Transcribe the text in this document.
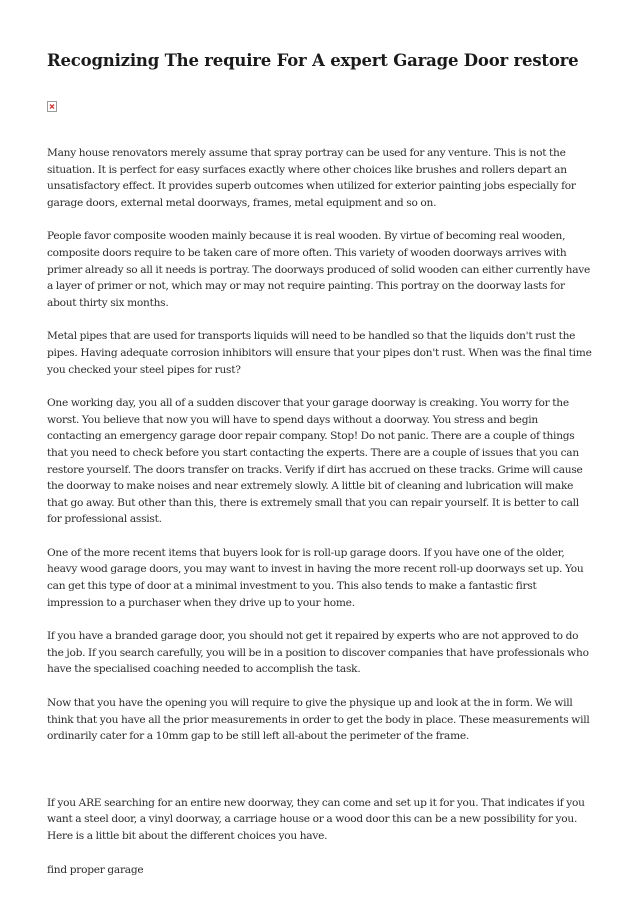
Recognizing The require For A expert Garage Door restore

Many house renovators merely assume that spray portray can be used for any venture. This is not the situation. It is perfect for easy surfaces exactly where other choices like brushes and rollers depart an unsatisfactory effect. It provides superb outcomes when utilized for exterior painting jobs especially for garage doors, external metal doorways, frames, metal equipment and so on.

People favor composite wooden mainly because it is real wooden. By virtue of becoming real wooden, composite doors require to be taken care of more often. This variety of wooden doorways arrives with primer already so all it needs is portray. The doorways produced of solid wooden can either currently have a layer of primer or not, which may or may not require painting. This portray on the doorway lasts for about thirty six months.

Metal pipes that are used for transports liquids will need to be handled so that the liquids don't rust the pipes. Having adequate corrosion inhibitors will ensure that your pipes don't rust. When was the final time you checked your steel pipes for rust?

One working day, you all of a sudden discover that your garage doorway is creaking. You worry for the worst. You believe that now you will have to spend days without a doorway. You stress and begin contacting an emergency garage door repair company. Stop! Do not panic. There are a couple of things that you need to check before you start contacting the experts. There are a couple of issues that you can restore yourself. The doors transfer on tracks. Verify if dirt has accrued on these tracks. Grime will cause the doorway to make noises and near extremely slowly. A little bit of cleaning and lubrication will make that go away. But other than this, there is extremely small that you can repair yourself. It is better to call for professional assist.

One of the more recent items that buyers look for is roll-up garage doors. If you have one of the older, heavy wood garage doors, you may want to invest in having the more recent roll-up doorways set up. You can get this type of door at a minimal investment to you. This also tends to make a fantastic first impression to a purchaser when they drive up to your home.

If you have a branded garage door, you should not get it repaired by experts who are not approved to do the job. If you search carefully, you will be in a position to discover companies that have professionals who have the specialised coaching needed to accomplish the task.

Now that you have the opening you will require to give the physique up and look at the in form. We will think that you have all the prior measurements in order to get the body in place. These measurements will ordinarily cater for a 10mm gap to be still left all-about the perimeter of the frame.

If you ARE searching for an entire new doorway, they can come and set up it for you. That indicates if you want a steel door, a vinyl doorway, a carriage house or a wood door this can be a new possibility for you. Here is a little bit about the different choices you have.

find proper garage
